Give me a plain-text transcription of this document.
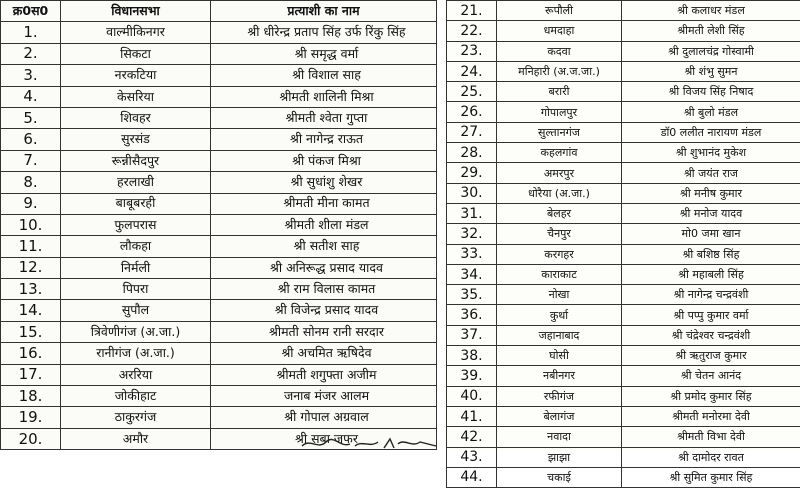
क्र0स0	विधानसभा	प्रत्याशी का नाम
1.	वाल्मीकिनगर	श्री धीरेन्द्र प्रताप सिंह उर्फ रिंकु सिंह
2.	सिकटा	श्री समृद्ध वर्मा
3.	नरकटिया	श्री विशाल साह
4.	केसरिया	श्रीमती शालिनी मिश्रा
5.	शिवहर	श्रीमती श्वेता गुप्ता
6.	सुरसंड	श्री नागेन्द्र राऊत
7.	रून्नीसैदपुर	श्री पंकज मिश्रा
8.	हरलाखी	श्री सुधांशु शेखर
9.	बाबूबरही	श्रीमती मीना कामत
10.	फुलपरास	श्रीमती शीला मंडल
11.	लौकहा	श्री सतीश साह
12.	निर्मली	श्री अनिरूद्ध प्रसाद यादव
13.	पिपरा	श्री राम विलास कामत
14.	सुपौल	श्री विजेन्द्र प्रसाद यादव
15.	त्रिवेणीगंज (अ.जा.)	श्रीमती सोनम रानी सरदार
16.	रानीगंज (अ.जा.)	श्री अचमित ऋषिदेव
17.	अररिया	श्रीमती शगुफ्ता अजीम
18.	जोकीहाट	जनाब मंजर आलम
19.	ठाकुरगंज	श्री गोपाल अग्रवाल
20.	अमौर	श्री सबा जफर
21.	रूपौली	श्री कलाधर मंडल
22.	धमदाहा	श्रीमती लेशी सिंह
23.	कदवा	श्री दुलालचंद्र गोस्वामी
24.	मनिहारी (अ.ज.जा.)	श्री शंभु सुमन
25.	बरारी	श्री विजय सिंह निषाद
26.	गोपालपुर	श्री बुलो मंडल
27.	सुल्तानगंज	डॉ0 ललीत नारायण मंडल
28.	कहलगांव	श्री शुभानंद मुकेश
29.	अमरपुर	श्री जयंत राज
30.	धोरैया (अ.जा.)	श्री मनीष कुमार
31.	बेलहर	श्री मनोज यादव
32.	चैनपुर	मो0 जमा खान
33.	करगहर	श्री बशिष्ठ सिंह
34.	काराकाट	श्री महाबली सिंह
35.	नोखा	श्री नागेन्द्र चन्द्रवंशी
36.	कुर्था	श्री पप्पु कुमार वर्मा
37.	जहानाबाद	श्री चंद्रेश्वर चन्द्रवंशी
38.	घोसी	श्री ऋतुराज कुमार
39.	नबीनगर	श्री चेतन आनंद
40.	रफीगंज	श्री प्रमोद कुमार सिंह
41.	बेलागंज	श्रीमती मनोरमा देवी
42.	नवादा	श्रीमती विभा देवी
43.	झाझा	श्री दामोदर रावत
44.	चकाई	श्री सुमित कुमार सिंह
